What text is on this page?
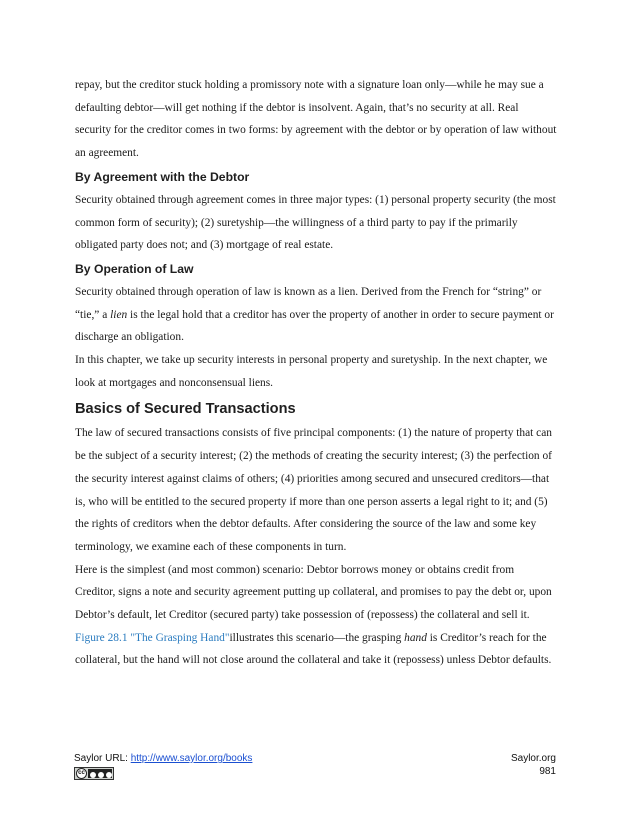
repay, but the creditor stuck holding a promissory note with a signature loan only—while he may sue a defaulting debtor—will get nothing if the debtor is insolvent. Again, that’s no security at all. Real security for the creditor comes in two forms: by agreement with the debtor or by operation of law without an agreement.

By Agreement with the Debtor

Security obtained through agreement comes in three major types: (1) personal property security (the most common form of security); (2) suretyship—the willingness of a third party to pay if the primarily obligated party does not; and (3) mortgage of real estate.

By Operation of Law

Security obtained through operation of law is known as a lien. Derived from the French for “string” or “tie,” a lien is the legal hold that a creditor has over the property of another in order to secure payment or discharge an obligation.

In this chapter, we take up security interests in personal property and suretyship. In the next chapter, we look at mortgages and nonconsensual liens.

Basics of Secured Transactions

The law of secured transactions consists of five principal components: (1) the nature of property that can be the subject of a security interest; (2) the methods of creating the security interest; (3) the perfection of the security interest against claims of others; (4) priorities among secured and unsecured creditors—that is, who will be entitled to the secured property if more than one person asserts a legal right to it; and (5) the rights of creditors when the debtor defaults. After considering the source of the law and some key terminology, we examine each of these components in turn.

Here is the simplest (and most common) scenario: Debtor borrows money or obtains credit from Creditor, signs a note and security agreement putting up collateral, and promises to pay the debt or, upon Debtor’s default, let Creditor (secured party) take possession of (repossess) the collateral and sell it. Figure 28.1 "The Grasping Hand"illustrates this scenario—the grasping hand is Creditor’s reach for the collateral, but the hand will not close around the collateral and take it (repossess) unless Debtor defaults.

Saylor URL: http://www.saylor.org/books
cc
Saylor.org
981
